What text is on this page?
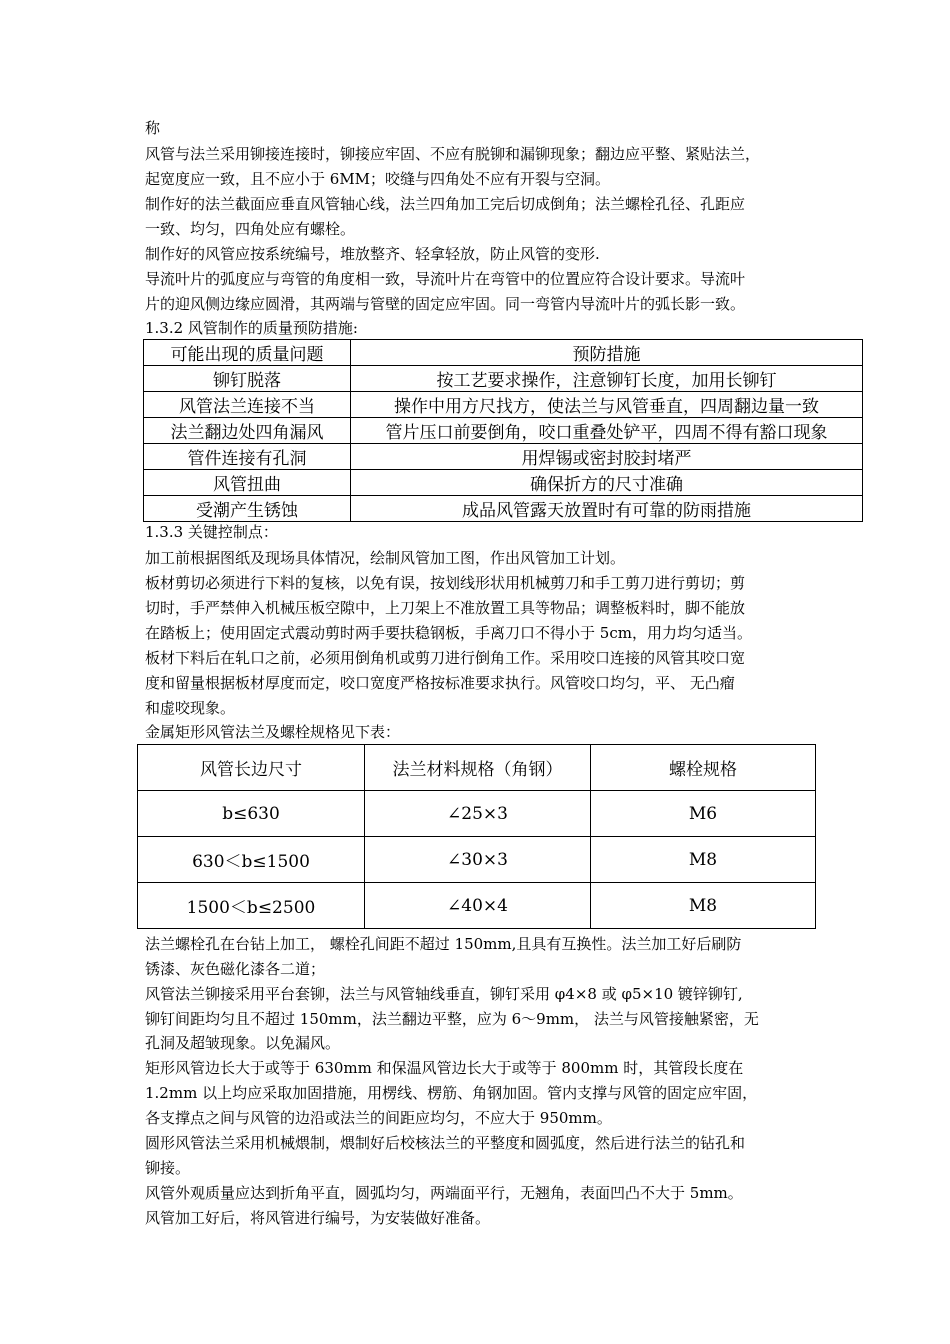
称
风管与法兰采用铆接连接时，铆接应牢固、不应有脱铆和漏铆现象；翻边应平整、紧贴法兰，
起宽度应一致，且不应小于 6MM；咬缝与四角处不应有开裂与空洞。
制作好的法兰截面应垂直风管轴心线，法兰四角加工完后切成倒角；法兰螺栓孔径、孔距应
一致、均匀，四角处应有螺栓。
制作好的风管应按系统编号，堆放整齐、轻拿轻放，防止风管的变形.
导流叶片的弧度应与弯管的角度相一致，导流叶片在弯管中的位置应符合设计要求。导流叶
片的迎风侧边缘应圆滑，其两端与管壁的固定应牢固。同一弯管内导流叶片的弧长影一致。
1.3.2 风管制作的质量预防措施:
可能出现的质量问题	预防措施
铆钉脱落	按工艺要求操作，注意铆钉长度，加用长铆钉
风管法兰连接不当	操作中用方尺找方，使法兰与风管垂直，四周翻边量一致
法兰翻边处四角漏风	管片压口前要倒角，咬口重叠处铲平，四周不得有豁口现象
管件连接有孔洞	用焊锡或密封胶封堵严
风管扭曲	确保折方的尺寸准确
受潮产生锈蚀	成品风管露天放置时有可靠的防雨措施
1.3.3 关键控制点：
加工前根据图纸及现场具体情况，绘制风管加工图，作出风管加工计划。
板材剪切必须进行下料的复核，以免有误，按划线形状用机械剪刀和手工剪刀进行剪切；剪
切时，手严禁伸入机械压板空隙中，上刀架上不准放置工具等物品；调整板料时，脚不能放
在踏板上；使用固定式震动剪时两手要扶稳钢板，手离刀口不得小于 5cm，用力均匀适当。
板材下料后在轧口之前，必须用倒角机或剪刀进行倒角工作。采用咬口连接的风管其咬口宽
度和留量根据板材厚度而定，咬口宽度严格按标准要求执行。风管咬口均匀，平、 无凸瘤
和虚咬现象。
金属矩形风管法兰及螺栓规格见下表：
风管长边尺寸	法兰材料规格（角钢）	螺栓规格
b≤630	∠25×3	M6
630＜b≤1500	∠30×3	M8
1500＜b≤2500	∠40×4	M8
法兰螺栓孔在台钻上加工， 螺栓孔间距不超过 150mm,且具有互换性。法兰加工好后刷防
锈漆、灰色磁化漆各二道；
风管法兰铆接采用平台套铆，法兰与风管轴线垂直，铆钉采用 φ4×8 或 φ5×10 镀锌铆钉,
铆钉间距均匀且不超过 150mm，法兰翻边平整，应为 6～9mm， 法兰与风管接触紧密，无
孔洞及超皱现象。以免漏风。
矩形风管边长大于或等于 630mm 和保温风管边长大于或等于 800mm 时，其管段长度在
1.2mm 以上均应采取加固措施，用楞线、楞筋、角钢加固。管内支撑与风管的固定应牢固，
各支撑点之间与风管的边沿或法兰的间距应均匀，不应大于 950mm。
圆形风管法兰采用机械煨制，煨制好后校核法兰的平整度和圆弧度，然后进行法兰的钻孔和
铆接。
风管外观质量应达到折角平直，圆弧均匀，两端面平行，无翘角，表面凹凸不大于 5mm。
风管加工好后，将风管进行编号，为安装做好准备。
